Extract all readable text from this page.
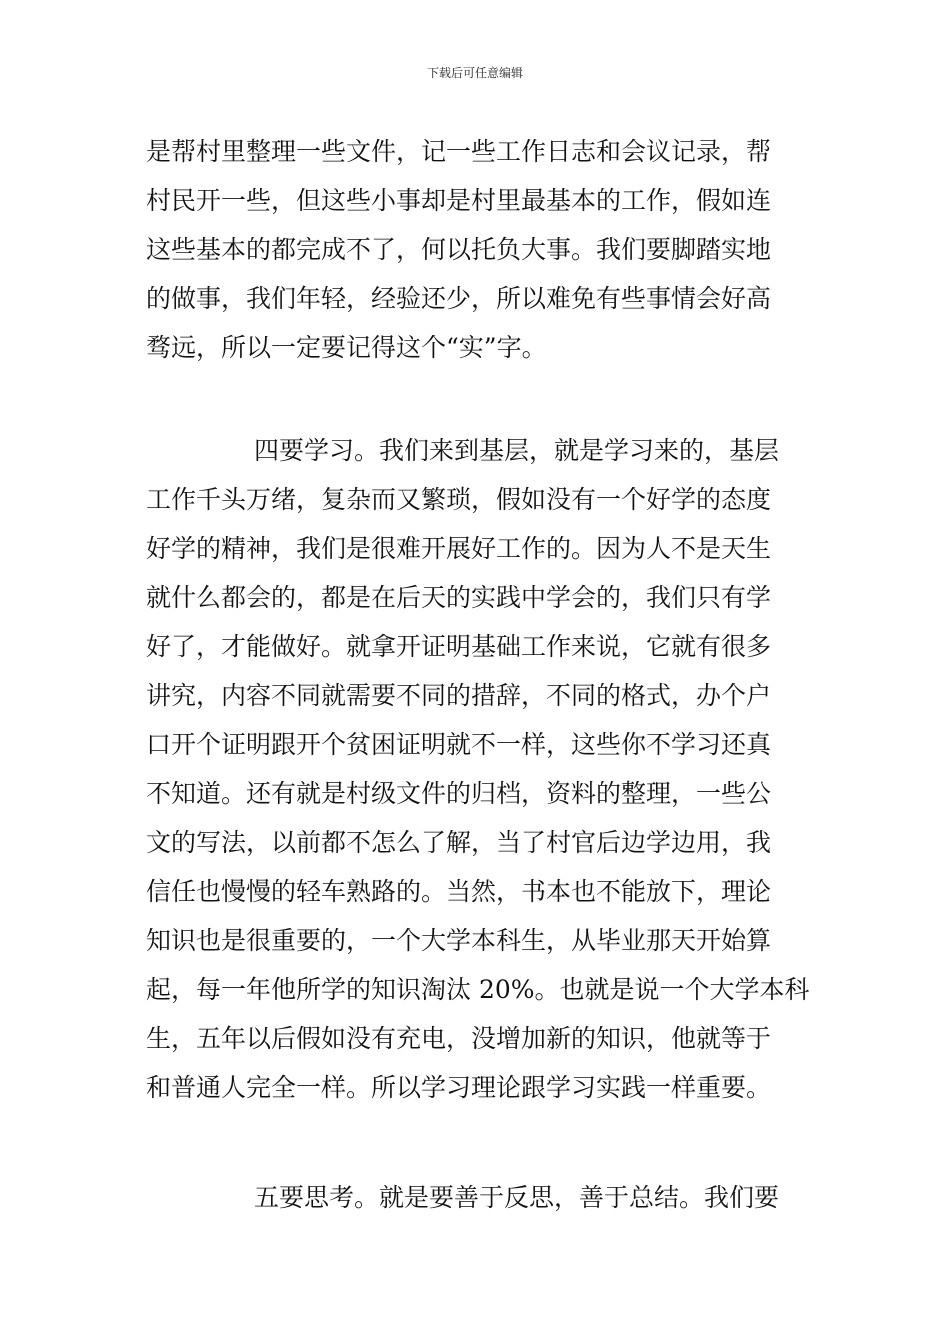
下载后可任意编辑
是帮村里整理一些文件，记一些工作日志和会议记录，帮
村民开一些，但这些小事却是村里最基本的工作，假如连
这些基本的都完成不了，何以托负大事。我们要脚踏实地
的做事，我们年轻，经验还少，所以难免有些事情会好高
骛远，所以一定要记得这个“实”字。
四要学习。我们来到基层，就是学习来的，基层
工作千头万绪，复杂而又繁琐，假如没有一个好学的态度
好学的精神，我们是很难开展好工作的。因为人不是天生
就什么都会的，都是在后天的实践中学会的，我们只有学
好了，才能做好。就拿开证明基础工作来说，它就有很多
讲究，内容不同就需要不同的措辞，不同的格式，办个户
口开个证明跟开个贫困证明就不一样，这些你不学习还真
不知道。还有就是村级文件的归档，资料的整理，一些公
文的写法，以前都不怎么了解，当了村官后边学边用，我
信任也慢慢的轻车熟路的。当然，书本也不能放下，理论
知识也是很重要的，一个大学本科生，从毕业那天开始算
起，每一年他所学的知识淘汰 20%。也就是说一个大学本科
生，五年以后假如没有充电，没增加新的知识，他就等于
和普通人完全一样。所以学习理论跟学习实践一样重要。
五要思考。就是要善于反思，善于总结。我们要
